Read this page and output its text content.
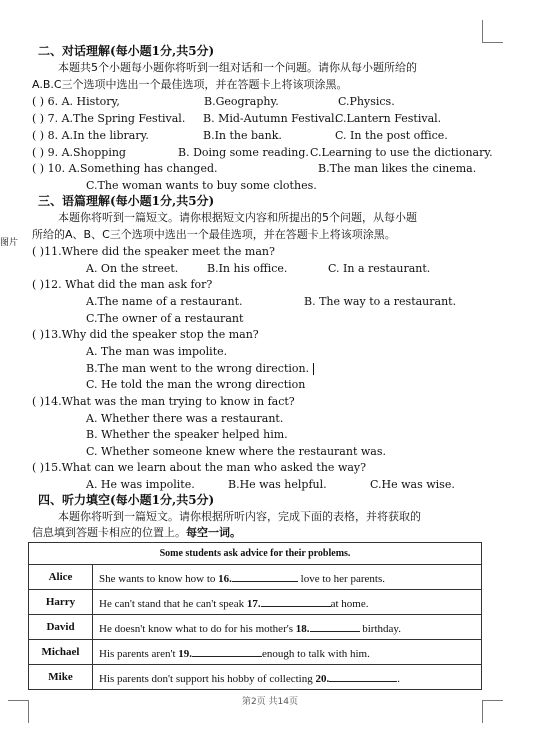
图片
二、对话理解(每小题1分,共5分)
本题共5个小题每小题你将听到一组对话和一个问题。请你从每小题所给的
A.B.C三个选项中选出一个最佳选项，并在答题卡上将该项涂黑。
( ) 6. A. History,	B.Geography.	C.Physics.
( ) 7. A.The Spring Festival. B. Mid-Autumn Festival.
C.Lantern Festival.
( ) 8. A.In the library.	B.In the bank.	C. In the post office.
( ) 9. A.Shopping	B. Doing some reading. C.Learning to use the dictionary.
( ) 10. A.Something has changed.	B.The man likes the cinema.
C.The woman wants to buy some clothes.
三、语篇理解(每小题1分,共5分)
本题你将听到一篇短文。请你根据短文内容和所提出的5个问题，从每小题
所给的A、B、C三个选项中选出一个最佳选项，并在答题卡上将该项涂黑。
( )11.Where did the speaker meet the man?
A. On the street.	B.In his office.	C. In a restaurant.
( )12. What did the man ask for?
A.The name of a restaurant.	B. The way to a restaurant.
C.The owner of a restaurant
( )13.Why did the speaker stop the man?
A. The man was impolite.
B.The man went to the wrong direction.
C. He told the man the wrong direction
( )14.What was the man trying to know in fact?
A. Whether there was a restaurant.
B. Whether the speaker helped him.
C. Whether someone knew where the restaurant was.
( )15.What can we learn about the man who asked the way?
A. He was impolite.	B.He was helpful.	C.He was wise.
四、听力填空(每小题1分,共5分)
本题你将听到一篇短文。请你根据所听内容，完成下面的表格，并将获取的
信息填到答题卡相应的位置上。每空一词。
Some students ask advice for their problems.	
Alice	She wants to know how to 16. love to her parents.
Harry	He can't stand that he can't speak 17. at home.
David	He doesn't know what to do for his mother's 18. birthday.
Michael	His parents aren't 19. enough to talk with him.
Mike	His parents don't support his hobby of collecting 20. .
第2页 共14页
